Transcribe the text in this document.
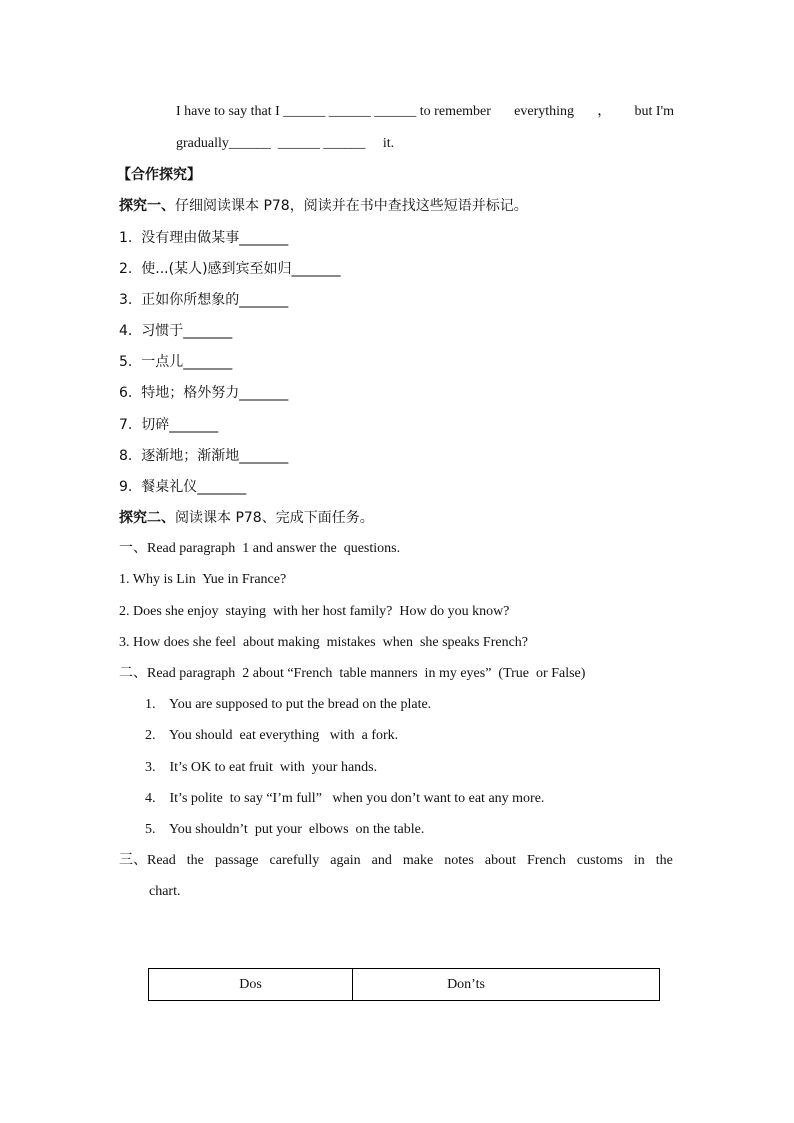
I have to say that I ______ ______ ______ to remember everything ， but I'm
gradually______  ______ ______     it.
【合作探究】
探究一、仔细阅读课本 P78，阅读并在书中查找这些短语并标记。
1.  没有理由做某事_______
2.  使...(某人)感到宾至如归_______
3.  正如你所想象的_______
4.  习惯于_______
5.  一点儿_______
6.  特地；格外努力_______
7.  切碎_______
8.  逐渐地；渐渐地_______
9.  餐桌礼仪_______
探究二、阅读课本 P78、完成下面任务。
一、Read paragraph  1 and answer the  questions.
1. Why is Lin  Yue in France?
2. Does she enjoy  staying  with her host family?  How do you know?
3. How does she feel  about making  mistakes  when  she speaks French?
二、Read paragraph  2 about “French  table manners  in my eyes”  (True  or False)
1.    You are supposed to put the bread on the plate.
2.    You should  eat everything   with  a fork.
3.    It’s OK to eat fruit  with  your hands.
4.    It’s polite  to say “I’m full”   when you don’t want to eat any more.
5.    You shouldn’t  put your  elbows  on the table.
三、Read the passage carefully again and make notes about French customs in the
chart.
Dos	Don’ts
